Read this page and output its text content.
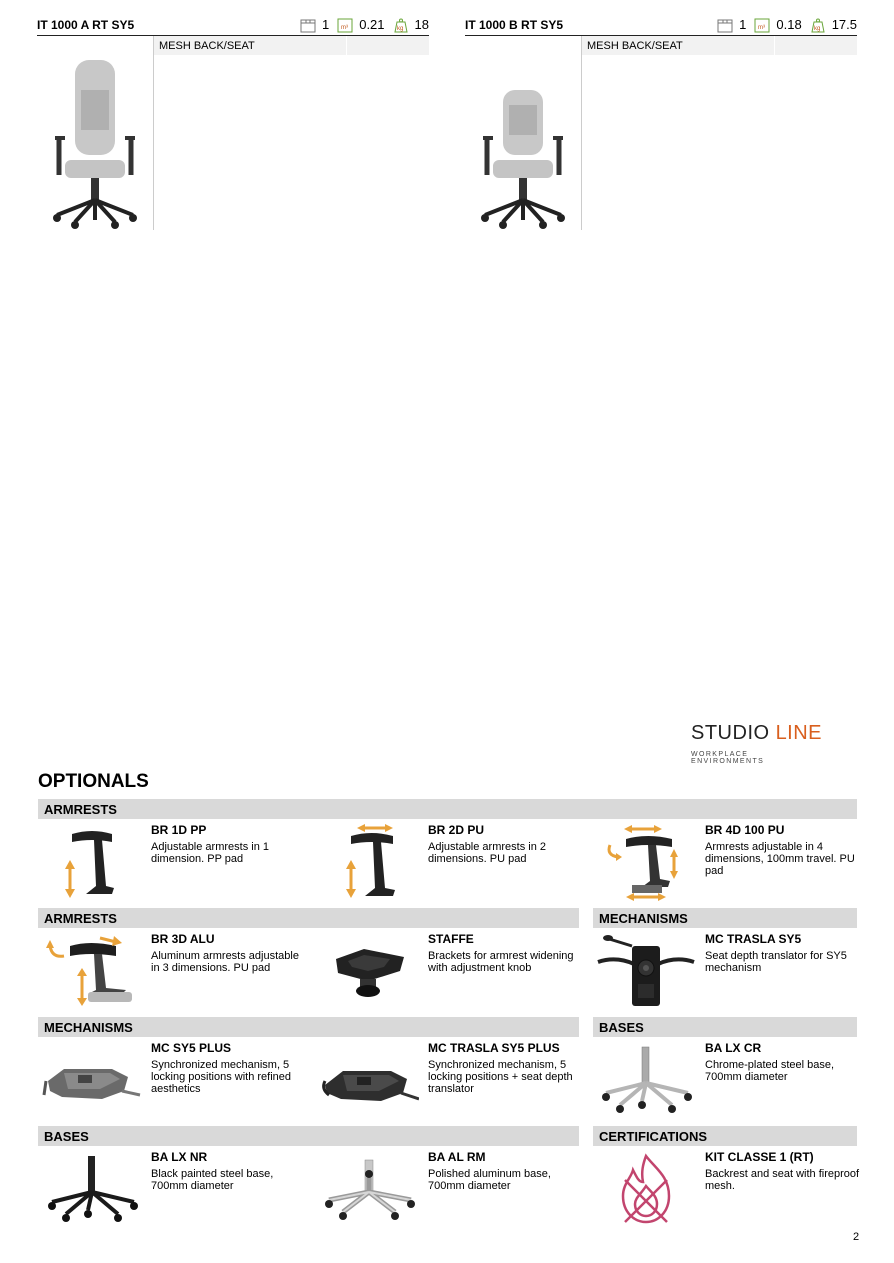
IT 1000 A RT SY5	1 m³ 0.21 kg 18
MESH BACK/SEAT
IT 1000 B RT SY5	1 m³ 0.18 kg 17.5
MESH BACK/SEAT
STUDIO LINE
WORKPLACE ENVIRONMENTS
OPTIONALS
ARMRESTS
BR 1D PP
Adjustable armrests in 1 dimension. PP pad
BR 2D PU
Adjustable armrests in 2 dimensions. PU pad
BR 4D 100 PU
Armrests adjustable in 4 dimensions, 100mm travel. PU pad
ARMRESTS	MECHANISMS
BR 3D ALU
Aluminum armrests adjustable in 3 dimensions. PU pad
STAFFE
Brackets for armrest widening with adjustment knob
MC TRASLA SY5
Seat depth translator for SY5 mechanism
MECHANISMS	BASES
MC SY5 PLUS
Synchronized mechanism, 5 locking positions with refined aesthetics
MC TRASLA SY5 PLUS
Synchronized mechanism, 5 locking positions + seat depth translator
BA LX CR
Chrome-plated steel base, 700mm diameter
BASES	CERTIFICATIONS
BA LX NR
Black painted steel base, 700mm diameter
BA AL RM
Polished aluminum base, 700mm diameter
KIT CLASSE 1 (RT)
Backrest and seat with fireproof mesh.
2
